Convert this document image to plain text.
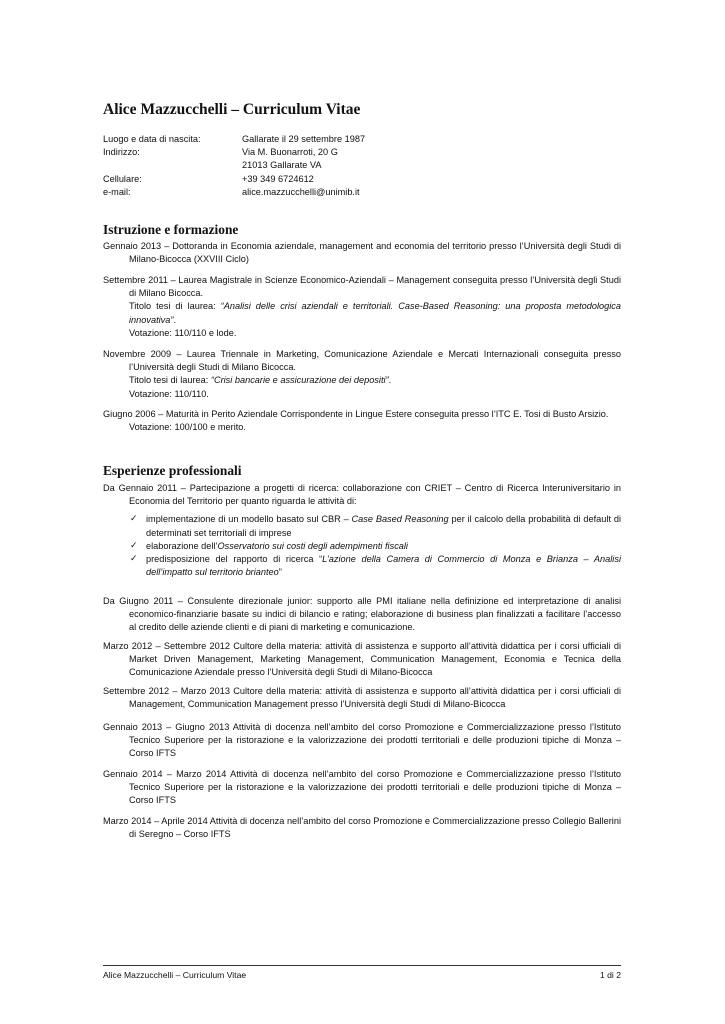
Alice Mazzucchelli – Curriculum Vitae
Luogo e data di nascita:	Gallarate il 29 settembre 1987
Indirizzo:	Via M. Buonarroti, 20 G
21013 Gallarate VA
Cellulare:	+39 349 6724612
e-mail:	alice.mazzucchelli@unimib.it
Istruzione e formazione

Gennaio 2013 – Dottoranda in Economia aziendale, management and economia del territorio presso l’Università degli Studi di Milano-Bicocca (XXVIII Ciclo)

Settembre 2011 – Laurea Magistrale in Scienze Economico-Aziendali – Management conseguita presso l’Università degli Studi di Milano Bicocca.

Titolo tesi di laurea: “Analisi delle crisi aziendali e territoriali. Case-Based Reasoning: una proposta metodologica innovativa”.

Votazione: 110/110 e lode.

Novembre 2009 – Laurea Triennale in Marketing, Comunicazione Aziendale e Mercati Internazionali conseguita presso l’Università degli Studi di Milano Bicocca.

Titolo tesi di laurea: “Crisi bancarie e assicurazione dei depositi”.

Votazione: 110/110.

Giugno 2006 – Maturità in Perito Aziendale Corrispondente in Lingue Estere conseguita presso l’ITC E. Tosi di Busto Arsizio.

Votazione: 100/100 e merito.

Esperienze professionali

Da Gennaio 2011 – Partecipazione a progetti di ricerca: collaborazione con CRIET – Centro di Ricerca Interuniversitario in Economia del Territorio per quanto riguarda le attività di:

✓ implementazione di un modello basato sul CBR – Case Based Reasoning per il calcolo della probabilità di default di determinati set territoriali di imprese
✓ elaborazione dell’Osservatorio sui costi degli adempimenti fiscali
✓ predisposizione del rapporto di ricerca “L’azione della Camera di Commercio di Monza e Brianza – Analisi dell’impatto sul territorio brianteo”

Da Giugno 2011 – Consulente direzionale junior: supporto alle PMI italiane nella definizione ed interpretazione di analisi economico-finanziarie basate su indici di bilancio e rating; elaborazione di business plan finalizzati a facilitare l’accesso al credito delle aziende clienti e di piani di marketing e comunicazione.

Marzo 2012 – Settembre 2012 Cultore della materia: attività di assistenza e supporto all’attività didattica per i corsi ufficiali di Market Driven Management, Marketing Management, Communication Management, Economia e Tecnica della Comunicazione Aziendale presso l’Università degli Studi di Milano-Bicocca

Settembre 2012 – Marzo 2013 Cultore della materia: attività di assistenza e supporto all’attività didattica per i corsi ufficiali di Management, Communication Management presso l’Università degli Studi di Milano-Bicocca

Gennaio 2013 – Giugno 2013 Attività di docenza nell’ambito del corso Promozione e Commercializzazione presso l’Istituto Tecnico Superiore per la ristorazione e la valorizzazione dei prodotti territoriali e delle produzioni tipiche di Monza – Corso IFTS

Gennaio 2014 – Marzo 2014 Attività di docenza nell’ambito del corso Promozione e Commercializzazione presso l’Istituto Tecnico Superiore per la ristorazione e la valorizzazione dei prodotti territoriali e delle produzioni tipiche di Monza – Corso IFTS

Marzo 2014 – Aprile 2014 Attività di docenza nell’ambito del corso Promozione e Commercializzazione presso Collegio Ballerini di Seregno – Corso IFTS

Alice Mazzucchelli – Curriculum Vitae	1 di 2
